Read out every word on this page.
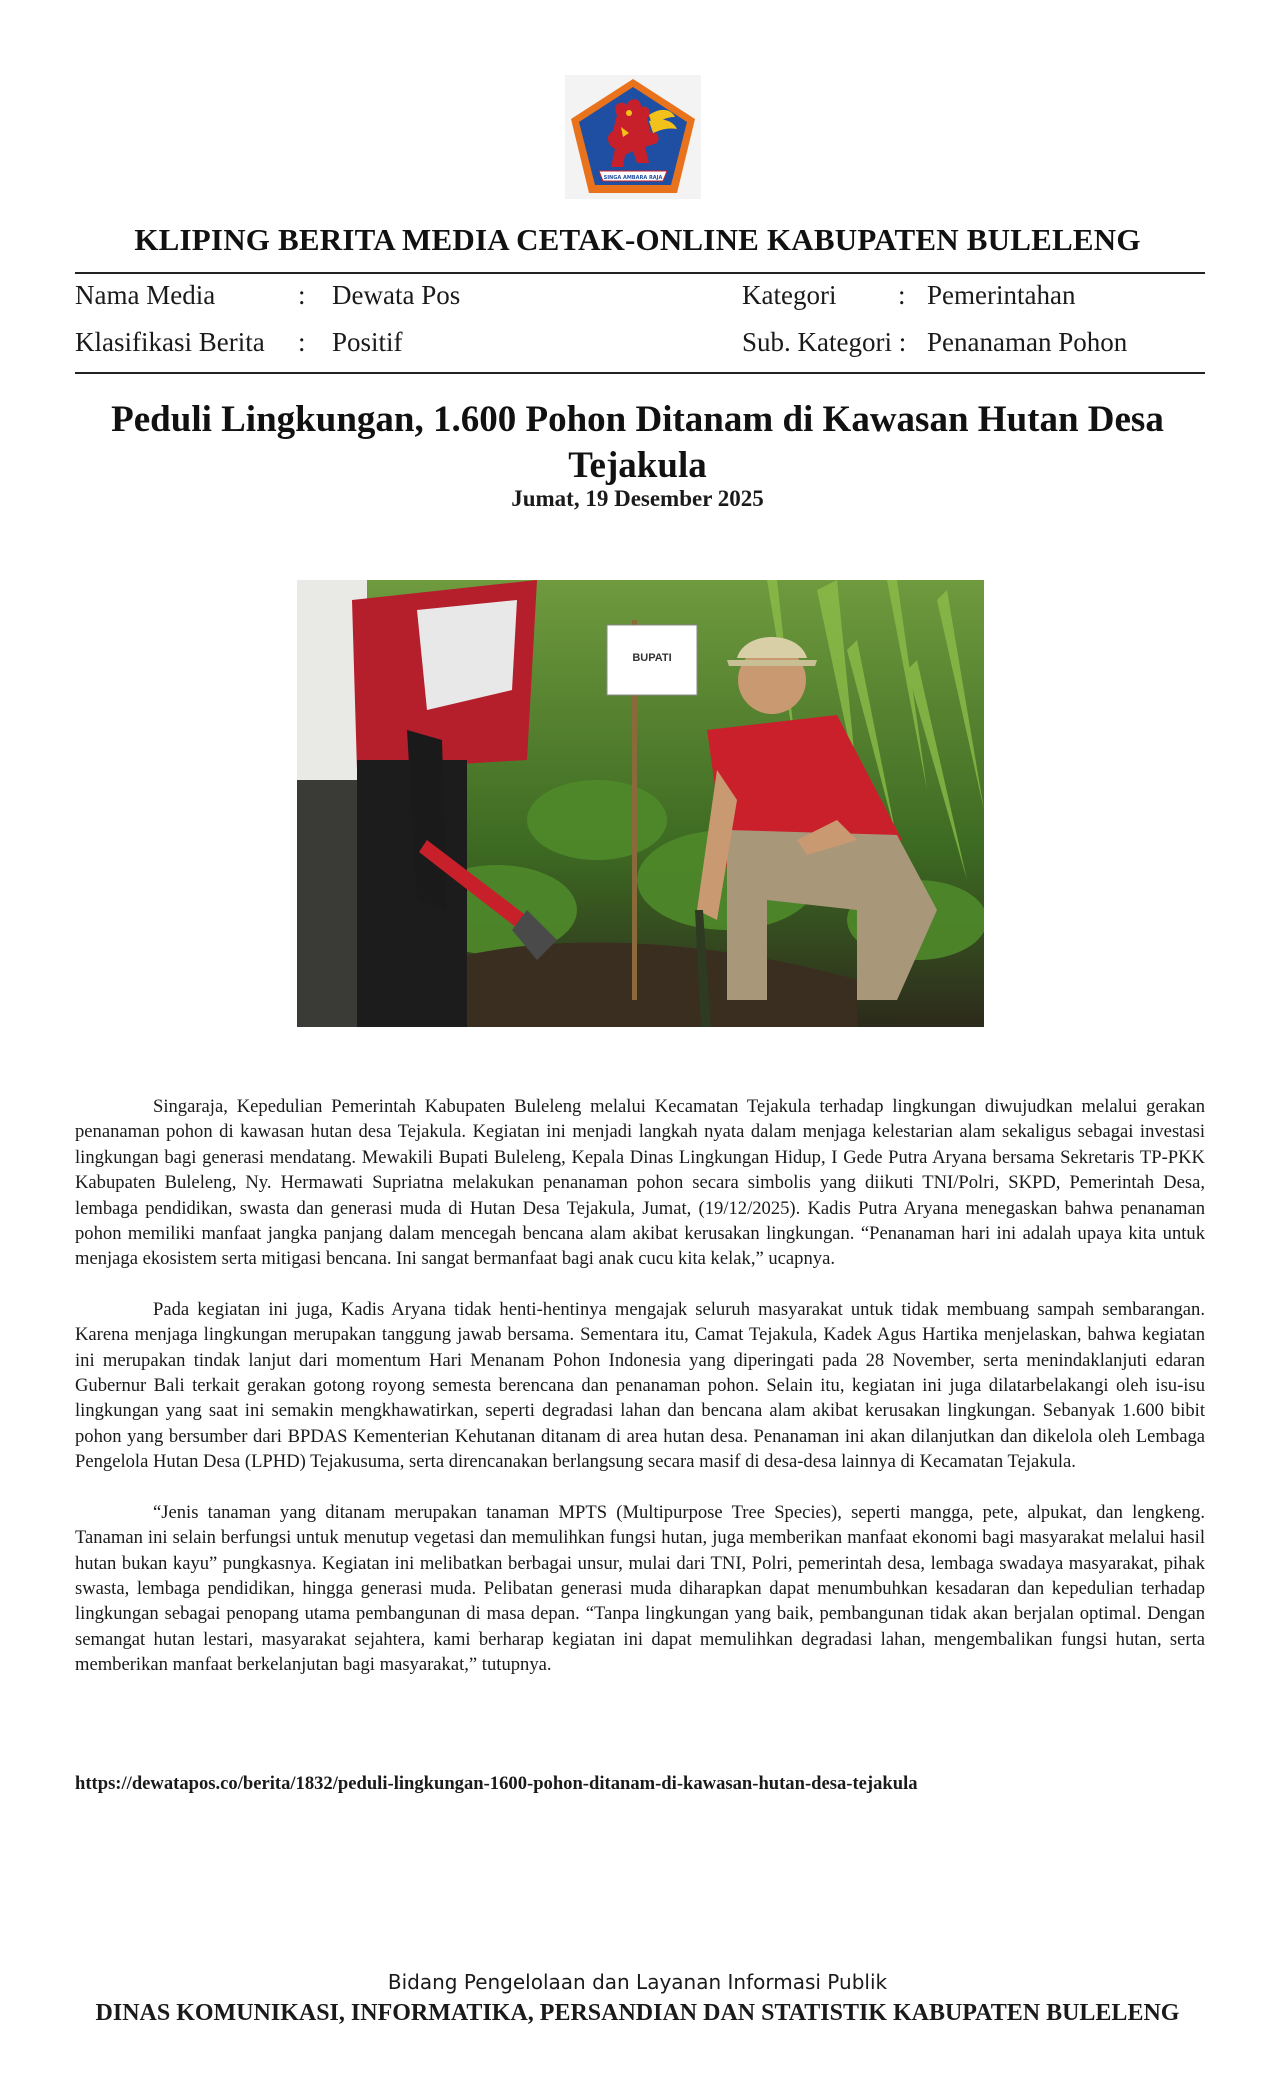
SINGA AMBARA RAJA
KLIPING BERITA MEDIA CETAK-ONLINE KABUPATEN BULELENG
Nama Media	: Dewata Pos	Kategori : Pemerintahan
Klasifikasi Berita : Positif	Sub. Kategori : Penanaman Pohon
Peduli Lingkungan, 1.600 Pohon Ditanam di Kawasan Hutan Desa Tejakula
Jumat, 19 Desember 2025
BUPATI

Singaraja, Kepedulian Pemerintah Kabupaten Buleleng melalui Kecamatan Tejakula terhadap lingkungan diwujudkan melalui gerakan penanaman pohon di kawasan hutan desa Tejakula. Kegiatan ini menjadi langkah nyata dalam menjaga kelestarian alam sekaligus sebagai investasi lingkungan bagi generasi mendatang. Mewakili Bupati Buleleng, Kepala Dinas Lingkungan Hidup, I Gede Putra Aryana bersama Sekretaris TP-PKK Kabupaten Buleleng, Ny. Hermawati Supriatna melakukan penanaman pohon secara simbolis yang diikuti TNI/Polri, SKPD, Pemerintah Desa, lembaga pendidikan, swasta dan generasi muda di Hutan Desa Tejakula, Jumat, (19/12/2025). Kadis Putra Aryana menegaskan bahwa penanaman pohon memiliki manfaat jangka panjang dalam mencegah bencana alam akibat kerusakan lingkungan. “Penanaman hari ini adalah upaya kita untuk menjaga ekosistem serta mitigasi bencana. Ini sangat bermanfaat bagi anak cucu kita kelak,” ucapnya.

Pada kegiatan ini juga, Kadis Aryana tidak henti-hentinya mengajak seluruh masyarakat untuk tidak membuang sampah sembarangan. Karena menjaga lingkungan merupakan tanggung jawab bersama. Sementara itu, Camat Tejakula, Kadek Agus Hartika menjelaskan, bahwa kegiatan ini merupakan tindak lanjut dari momentum Hari Menanam Pohon Indonesia yang diperingati pada 28 November, serta menindaklanjuti edaran Gubernur Bali terkait gerakan gotong royong semesta berencana dan penanaman pohon. Selain itu, kegiatan ini juga dilatarbelakangi oleh isu-isu lingkungan yang saat ini semakin mengkhawatirkan, seperti degradasi lahan dan bencana alam akibat kerusakan lingkungan. Sebanyak 1.600 bibit pohon yang bersumber dari BPDAS Kementerian Kehutanan ditanam di area hutan desa. Penanaman ini akan dilanjutkan dan dikelola oleh Lembaga Pengelola Hutan Desa (LPHD) Tejakusuma, serta direncanakan berlangsung secara masif di desa-desa lainnya di Kecamatan Tejakula.

“Jenis tanaman yang ditanam merupakan tanaman MPTS (Multipurpose Tree Species), seperti mangga, pete, alpukat, dan lengkeng. Tanaman ini selain berfungsi untuk menutup vegetasi dan memulihkan fungsi hutan, juga memberikan manfaat ekonomi bagi masyarakat melalui hasil hutan bukan kayu” pungkasnya. Kegiatan ini melibatkan berbagai unsur, mulai dari TNI, Polri, pemerintah desa, lembaga swadaya masyarakat, pihak swasta, lembaga pendidikan, hingga generasi muda. Pelibatan generasi muda diharapkan dapat menumbuhkan kesadaran dan kepedulian terhadap lingkungan sebagai penopang utama pembangunan di masa depan. “Tanpa lingkungan yang baik, pembangunan tidak akan berjalan optimal. Dengan semangat hutan lestari, masyarakat sejahtera, kami berharap kegiatan ini dapat memulihkan degradasi lahan, mengembalikan fungsi hutan, serta memberikan manfaat berkelanjutan bagi masyarakat,” tutupnya.

https://dewatapos.co/berita/1832/peduli-lingkungan-1600-pohon-ditanam-di-kawasan-hutan-desa-tejakula
Bidang Pengelolaan dan Layanan Informasi Publik
DINAS KOMUNIKASI, INFORMATIKA, PERSANDIAN DAN STATISTIK KABUPATEN BULELENG
